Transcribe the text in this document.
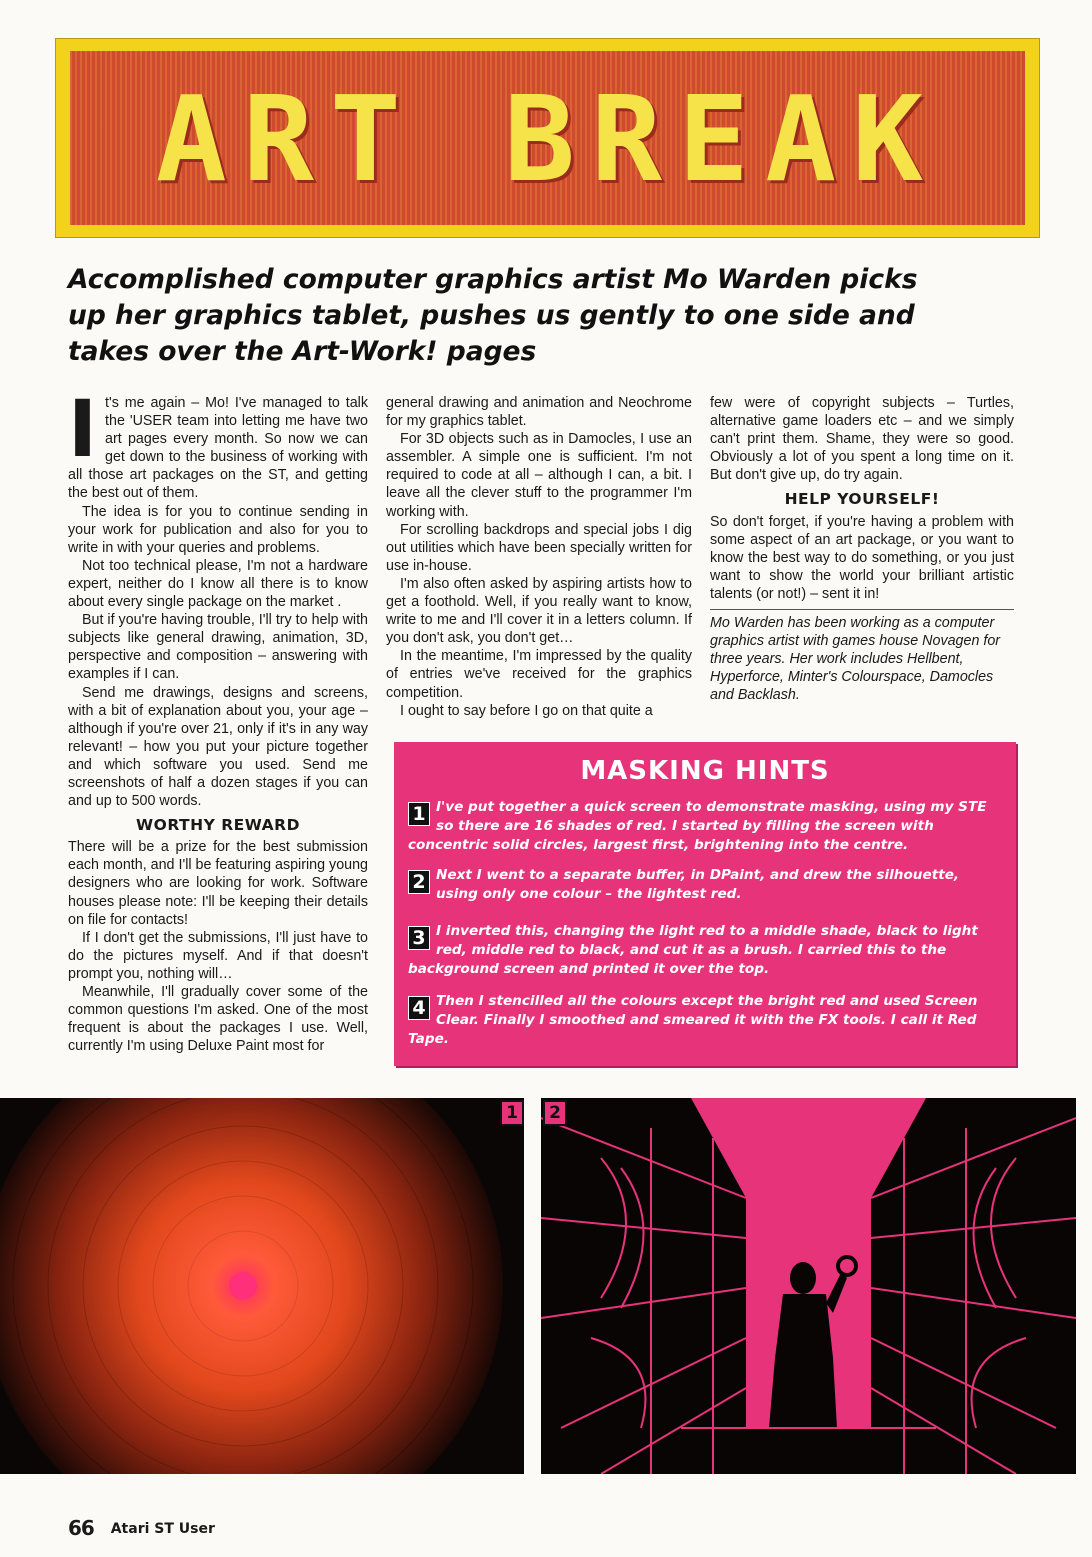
ART BREAK
Accomplished computer graphics artist Mo Warden picks up her graphics tablet, pushes us gently to one side and takes over the Art-Work! pages

It's me again – Mo! I've managed to talk the 'USER team into letting me have two art pages every month. So now we can get down to the business of working with all those art packages on the ST, and getting the best out of them.

The idea is for you to continue sending in your work for publication and also for you to write in with your queries and problems.

Not too technical please, I'm not a hardware expert, neither do I know all there is to know about every single package on the market .

But if you're having trouble, I'll try to help with subjects like general drawing, animation, 3D, perspective and composition – answering with examples if I can.

Send me drawings, designs and screens, with a bit of explanation about you, your age – although if you're over 21, only if it's in any way relevant! – how you put your picture together and which software you used. Send me screenshots of half a dozen stages if you can and up to 500 words.

WORTHY REWARD

There will be a prize for the best submission each month, and I'll be featuring aspiring young designers who are looking for work. Software houses please note: I'll be keeping their details on file for contacts!

If I don't get the submissions, I'll just have to do the pictures myself. And if that doesn't prompt you, nothing will…

Meanwhile, I'll gradually cover some of the common questions I'm asked. One of the most frequent is about the packages I use. Well, currently I'm using Deluxe Paint most for

general drawing and animation and Neochrome for my graphics tablet.

For 3D objects such as in Damocles, I use an assembler. A simple one is sufficient. I'm not required to code at all – although I can, a bit. I leave all the clever stuff to the programmer I'm working with.

For scrolling backdrops and special jobs I dig out utilities which have been specially written for use in-house.

I'm also often asked by aspiring artists how to get a foothold. Well, if you really want to know, write to me and I'll cover it in a letters column. If you don't ask, you don't get…

In the meantime, I'm impressed by the quality of entries we've received for the graphics competition.

I ought to say before I go on that quite a

few were of copyright subjects – Turtles, alternative game loaders etc – and we simply can't print them. Shame, they were so good. Obviously a lot of you spent a long time on it. But don't give up, do try again.

HELP YOURSELF!

So don't forget, if you're having a problem with some aspect of an art package, or you want to know the best way to do something, or you just want to show the world your brilliant artistic talents (or not!) – sent it in!

Mo Warden has been working as a computer graphics artist with games house Novagen for three years. Her work includes Hellbent, Hyperforce, Minter's Colourspace, Damocles and Backlash.

MASKING HINTS
1 I've put together a quick screen to demonstrate masking, using my STE so there are 16 shades of red. I started by filling the screen with concentric solid circles, largest first, brightening into the centre.
2 Next I went to a separate buffer, in DPaint, and drew the silhouette, using only one colour – the lightest red.
3 I inverted this, changing the light red to a middle shade, black to light red, middle red to black, and cut it as a brush. I carried this to the background screen and printed it over the top.
4 Then I stencilled all the colours except the bright red and used Screen Clear. Finally I smoothed and smeared it with the FX tools. I call it Red Tape.
1	2
66 Atari ST User
